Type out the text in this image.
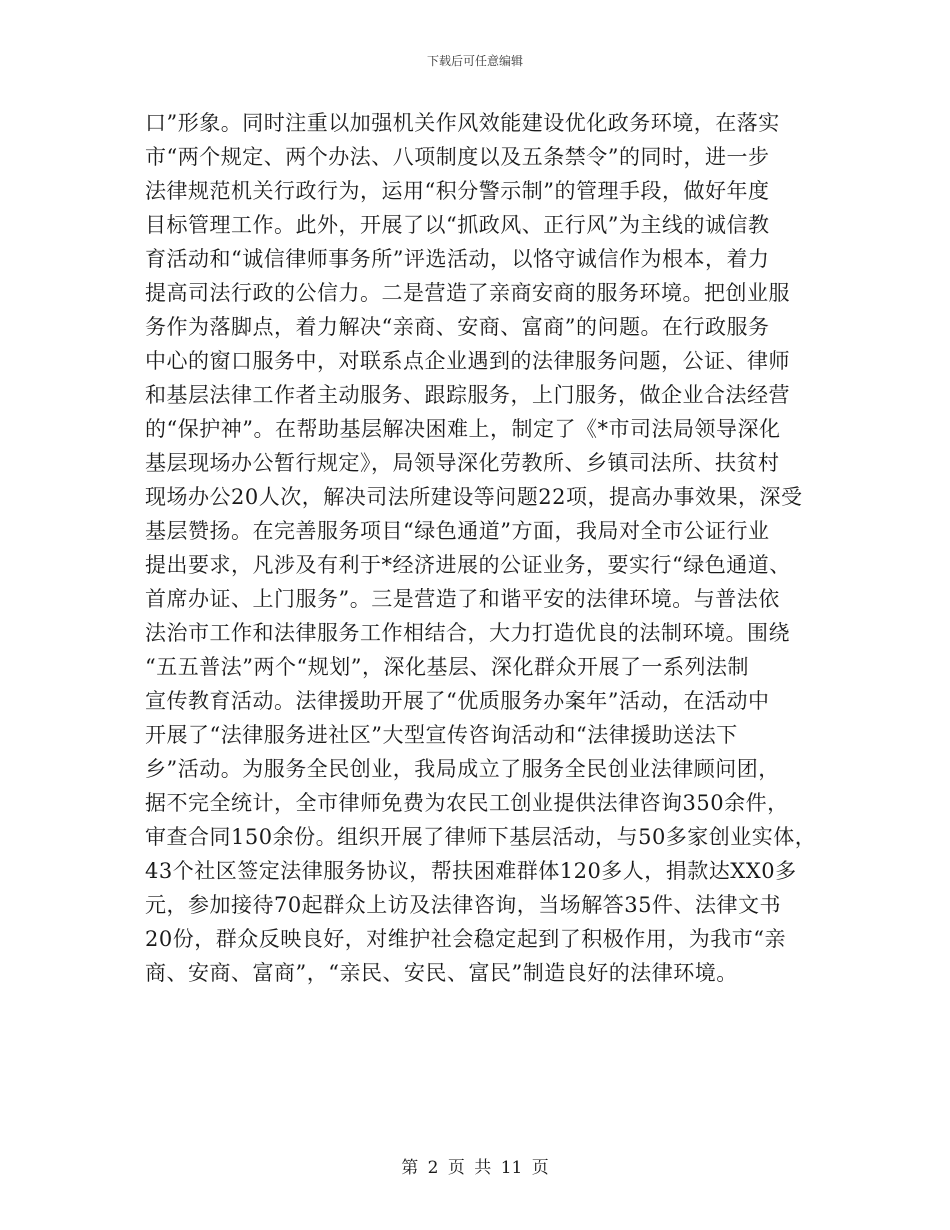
下载后可任意编辑
口”形象。同时注重以加强机关作风效能建设优化政务环境，在落实
市“两个规定、两个办法、八项制度以及五条禁令”的同时，进一步
法律规范机关行政行为，运用“积分警示制”的管理手段，做好年度
目标管理工作。此外，开展了以“抓政风、正行风”为主线的诚信教
育活动和“诚信律师事务所”评选活动，以恪守诚信作为根本，着力
提高司法行政的公信力。二是营造了亲商安商的服务环境。把创业服
务作为落脚点，着力解决“亲商、安商、富商”的问题。在行政服务
中心的窗口服务中，对联系点企业遇到的法律服务问题，公证、律师
和基层法律工作者主动服务、跟踪服务，上门服务，做企业合法经营
的“保护神”。在帮助基层解决困难上，制定了《*市司法局领导深化
基层现场办公暂行规定》，局领导深化劳教所、乡镇司法所、扶贫村
现场办公20人次，解决司法所建设等问题22项，提高办事效果，深受
基层赞扬。在完善服务项目“绿色通道”方面，我局对全市公证行业
提出要求，凡涉及有利于*经济进展的公证业务，要实行“绿色通道、
首席办证、上门服务”。三是营造了和谐平安的法律环境。与普法依
法治市工作和法律服务工作相结合，大力打造优良的法制环境。围绕
“五五普法”两个“规划”，深化基层、深化群众开展了一系列法制
宣传教育活动。法律援助开展了“优质服务办案年”活动，在活动中
开展了“法律服务进社区”大型宣传咨询活动和“法律援助送法下
乡”活动。为服务全民创业，我局成立了服务全民创业法律顾问团，
据不完全统计，全市律师免费为农民工创业提供法律咨询350余件，
审查合同150余份。组织开展了律师下基层活动，与50多家创业实体，
43个社区签定法律服务协议，帮扶困难群体120多人，捐款达XX0多
元，参加接待70起群众上访及法律咨询，当场解答35件、法律文书
20份，群众反映良好，对维护社会稳定起到了积极作用，为我市“亲
商、安商、富商”，“亲民、安民、富民”制造良好的法律环境。
第 2 页 共 11 页
